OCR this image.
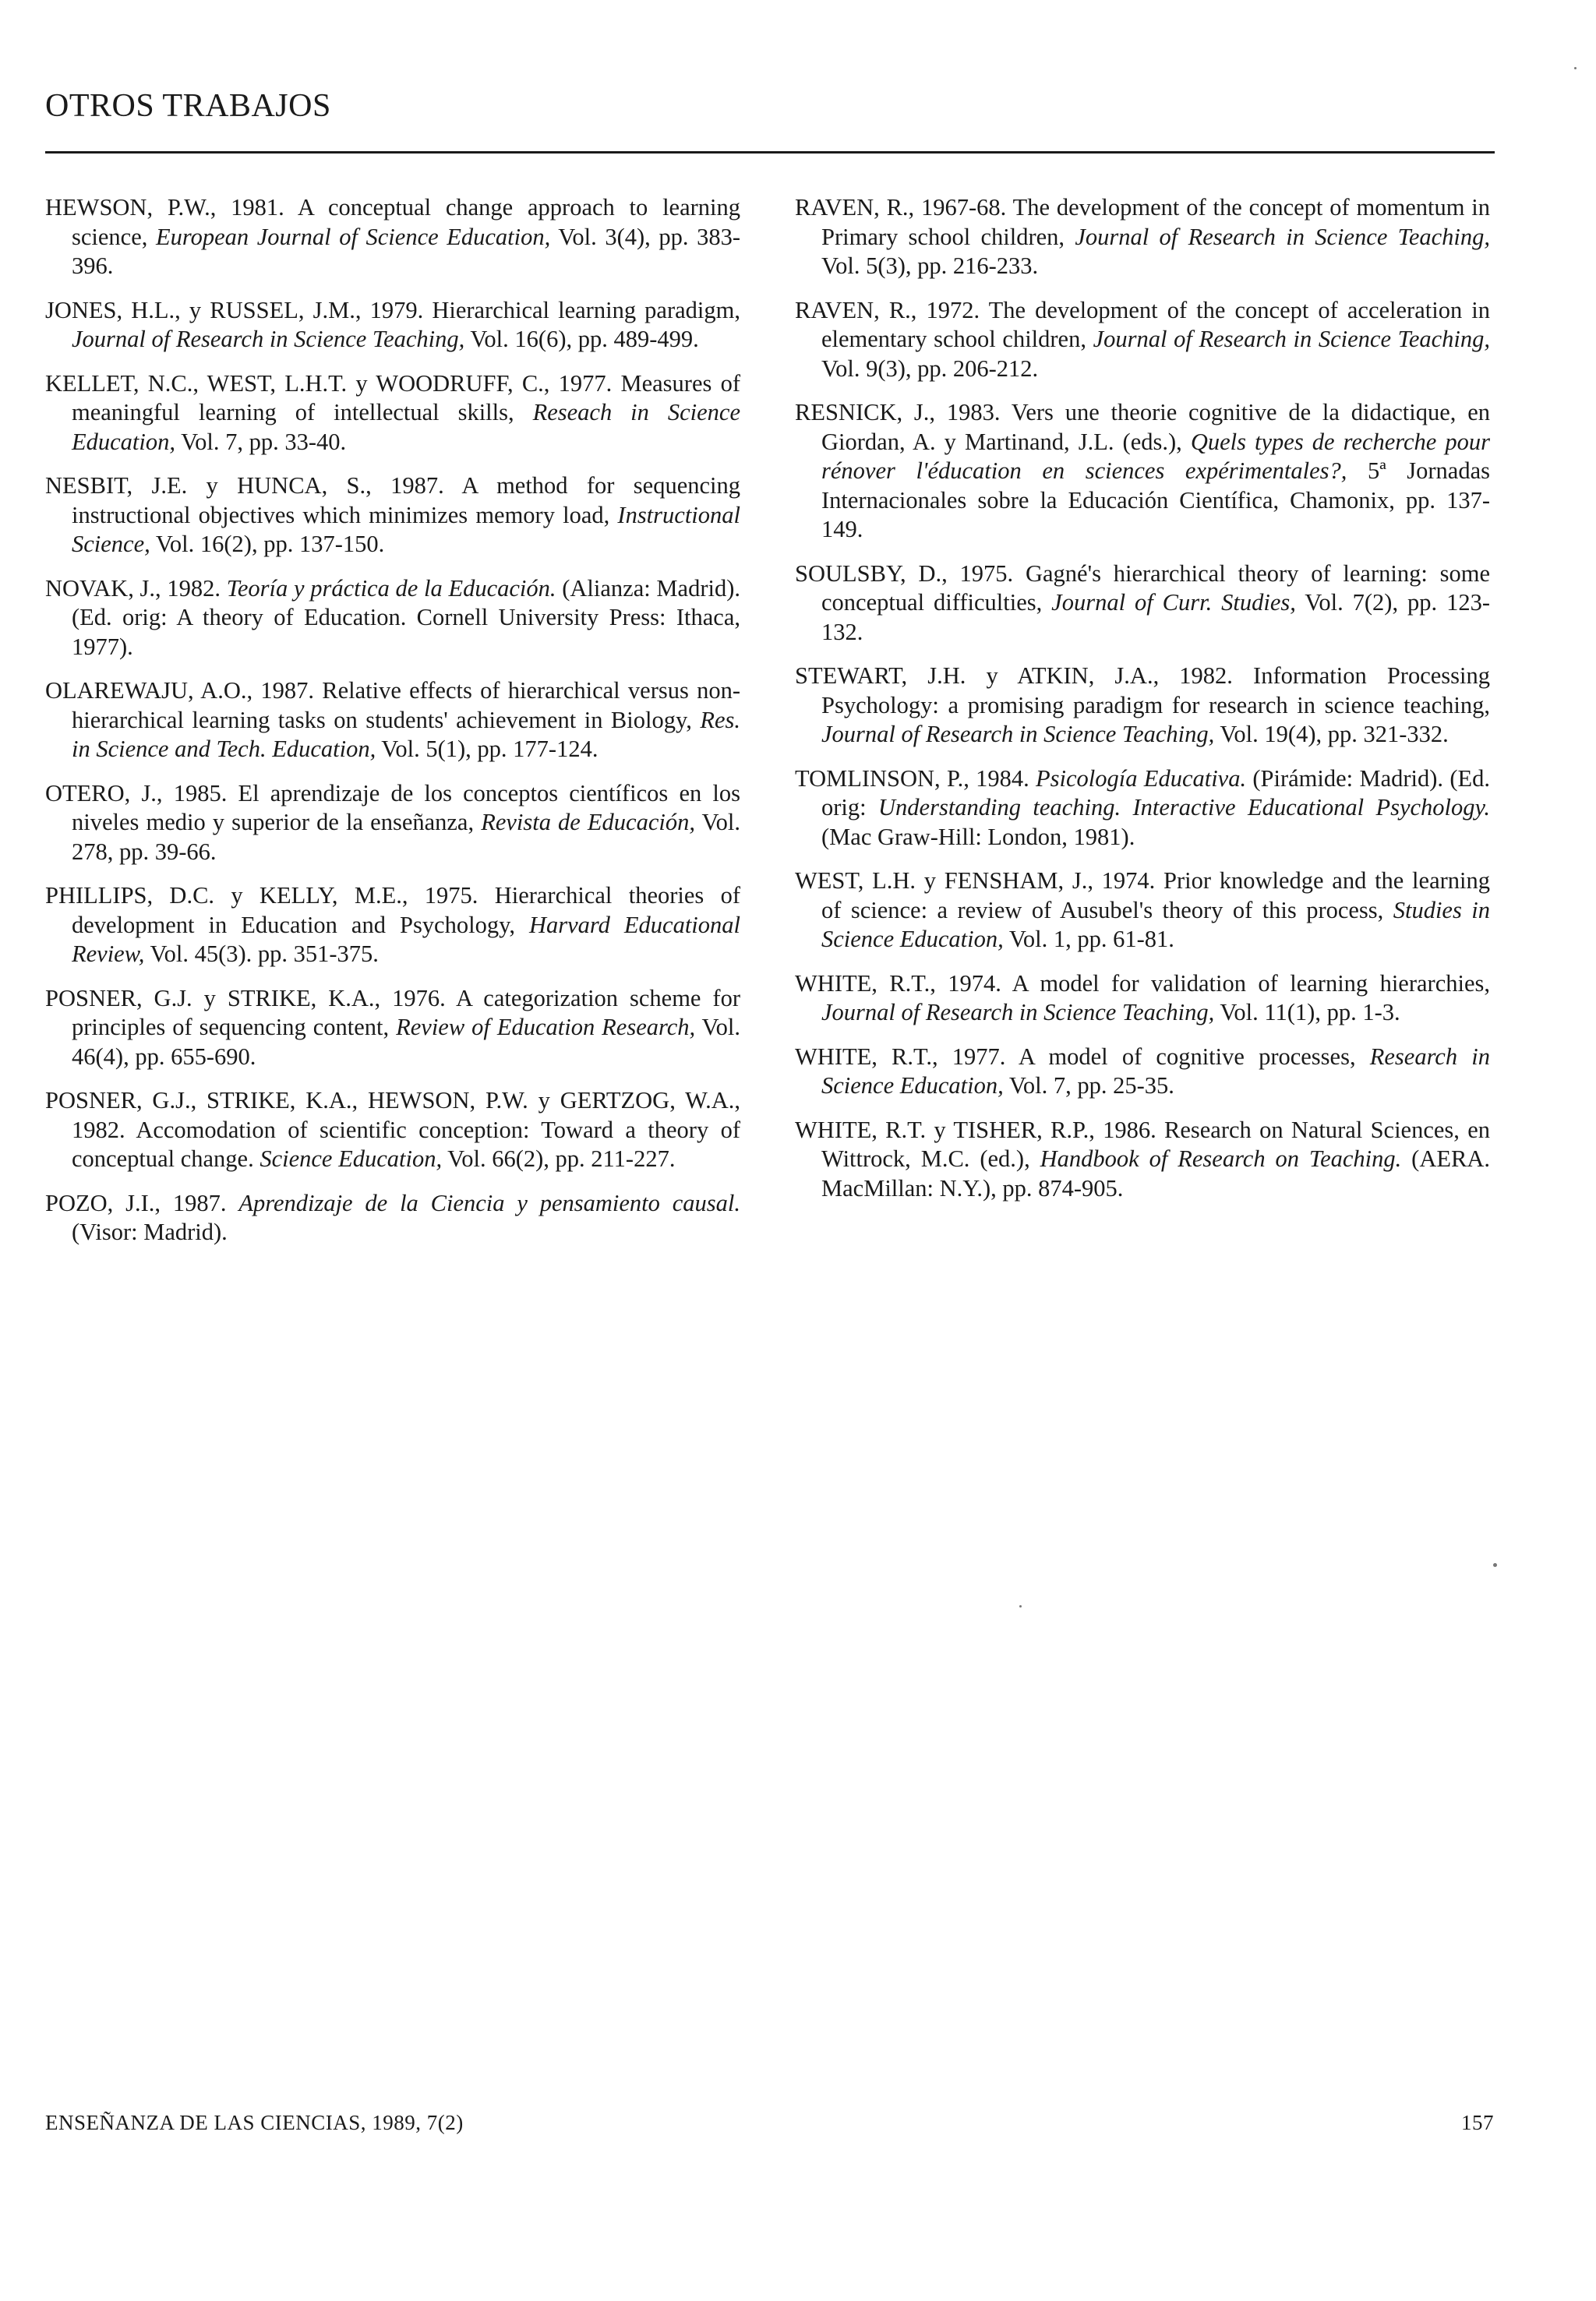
OTROS TRABAJOS

HEWSON, P.W., 1981. A conceptual change approach to learning science, European Journal of Science Education, Vol. 3(4), pp. 383-396.

JONES, H.L., y RUSSEL, J.M., 1979. Hierarchical learning paradigm, Journal of Research in Science Teaching, Vol. 16(6), pp. 489-499.

KELLET, N.C., WEST, L.H.T. y WOODRUFF, C., 1977. Measures of meaningful learning of intellectual skills, Reseach in Science Education, Vol. 7, pp. 33-40.

NESBIT, J.E. y HUNCA, S., 1987. A method for sequencing instructional objectives which minimizes memory load, Instructional Science, Vol. 16(2), pp. 137-150.

NOVAK, J., 1982. Teoría y práctica de la Educación. (Alianza: Madrid). (Ed. orig: A theory of Education. Cornell University Press: Ithaca, 1977).

OLAREWAJU, A.O., 1987. Relative effects of hierarchical versus non-hierarchical learning tasks on students' achievement in Biology, Res. in Science and Tech. Education, Vol. 5(1), pp. 177-124.

OTERO, J., 1985. El aprendizaje de los conceptos científicos en los niveles medio y superior de la enseñanza, Revista de Educación, Vol. 278, pp. 39-66.

PHILLIPS, D.C. y KELLY, M.E., 1975. Hierarchical theories of development in Education and Psychology, Harvard Educational Review, Vol. 45(3). pp. 351-375.

POSNER, G.J. y STRIKE, K.A., 1976. A categorization scheme for principles of sequencing content, Review of Education Research, Vol. 46(4), pp. 655-690.

POSNER, G.J., STRIKE, K.A., HEWSON, P.W. y GERTZOG, W.A., 1982. Accomodation of scientific conception: Toward a theory of conceptual change. Science Education, Vol. 66(2), pp. 211-227.

POZO, J.I., 1987. Aprendizaje de la Ciencia y pensamiento causal. (Visor: Madrid).

RAVEN, R., 1967-68. The development of the concept of momentum in Primary school children, Journal of Research in Science Teaching, Vol. 5(3), pp. 216-233.

RAVEN, R., 1972. The development of the concept of acceleration in elementary school children, Journal of Research in Science Teaching, Vol. 9(3), pp. 206-212.

RESNICK, J., 1983. Vers une theorie cognitive de la didactique, en Giordan, A. y Martinand, J.L. (eds.), Quels types de recherche pour rénover l'éducation en sciences expérimentales?, 5ª Jornadas Internacionales sobre la Educación Científica, Chamonix, pp. 137-149.

SOULSBY, D., 1975. Gagné's hierarchical theory of learning: some conceptual difficulties, Journal of Curr. Studies, Vol. 7(2), pp. 123-132.

STEWART, J.H. y ATKIN, J.A., 1982. Information Processing Psychology: a promising paradigm for research in science teaching, Journal of Research in Science Teaching, Vol. 19(4), pp. 321-332.

TOMLINSON, P., 1984. Psicología Educativa. (Pirámide: Madrid). (Ed. orig: Understanding teaching. Interactive Educational Psychology. (Mac Graw-Hill: London, 1981).

WEST, L.H. y FENSHAM, J., 1974. Prior knowledge and the learning of science: a review of Ausubel's theory of this process, Studies in Science Education, Vol. 1, pp. 61-81.

WHITE, R.T., 1974. A model for validation of learning hierarchies, Journal of Research in Science Teaching, Vol. 11(1), pp. 1-3.

WHITE, R.T., 1977. A model of cognitive processes, Research in Science Education, Vol. 7, pp. 25-35.

WHITE, R.T. y TISHER, R.P., 1986. Research on Natural Sciences, en Wittrock, M.C. (ed.), Handbook of Research on Teaching. (AERA. MacMillan: N.Y.), pp. 874-905.

ENSEÑANZA DE LAS CIENCIAS, 1989, 7(2)	157
